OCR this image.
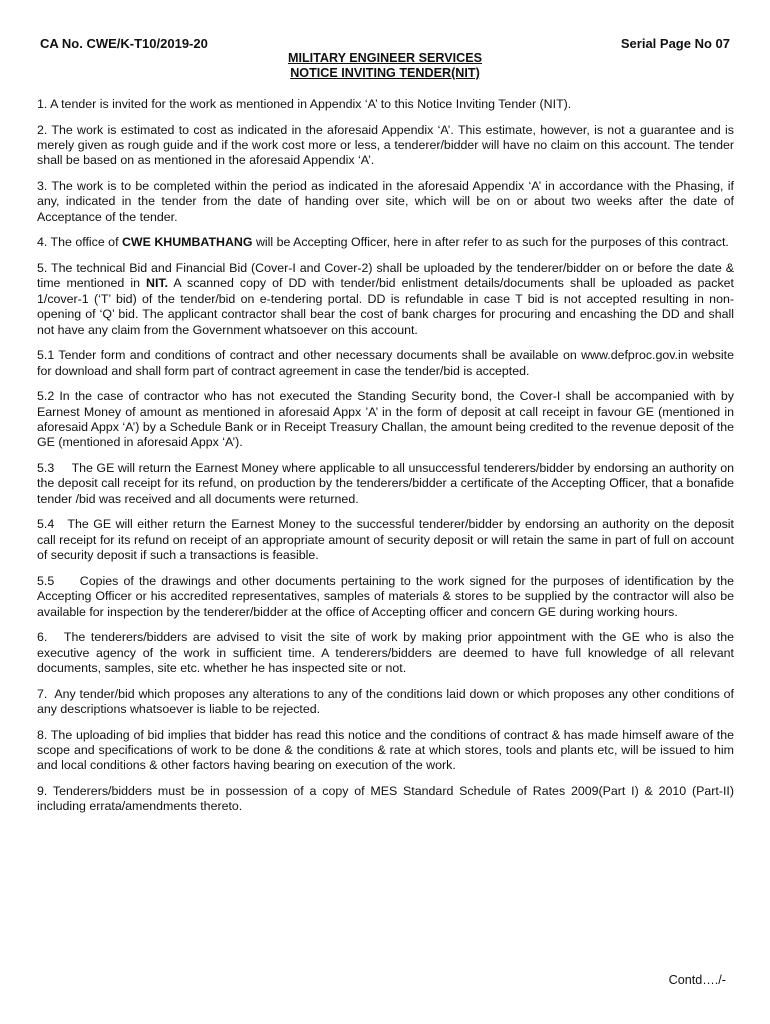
CA No. CWE/K-T10/2019-20	Serial Page No 07
MILITARY ENGINEER SERVICES
NOTICE INVITING TENDER(NIT)

1. A tender is invited for the work as mentioned in Appendix ‘A’ to this Notice Inviting Tender (NIT).

2. The work is estimated to cost as indicated in the aforesaid Appendix ‘A’. This estimate, however, is not a guarantee and is merely given as rough guide and if the work cost more or less, a tenderer/bidder will have no claim on this account. The tender shall be based on as mentioned in the aforesaid Appendix ‘A’.

3. The work is to be completed within the period as indicated in the aforesaid Appendix ‘A’ in accordance with the Phasing, if any, indicated in the tender from the date of handing over site, which will be on or about two weeks after the date of Acceptance of the tender.

4. The office of CWE KHUMBATHANG will be Accepting Officer, here in after refer to as such for the purposes of this contract.

5. The technical Bid and Financial Bid (Cover-I and Cover-2) shall be uploaded by the tenderer/bidder on or before the date & time mentioned in NIT. A scanned copy of DD with tender/bid enlistment details/documents shall be uploaded as packet 1/cover-1 (‘T’ bid) of the tender/bid on e-tendering portal. DD is refundable in case T bid is not accepted resulting in non-opening of ‘Q’ bid. The applicant contractor shall bear the cost of bank charges for procuring and encashing the DD and shall not have any claim from the Government whatsoever on this account.

5.1 Tender form and conditions of contract and other necessary documents shall be available on www.defproc.gov.in website for download and shall form part of contract agreement in case the tender/bid is accepted.

5.2 In the case of contractor who has not executed the Standing Security bond, the Cover-I shall be accompanied with by Earnest Money of amount as mentioned in aforesaid Appx ’A’ in the form of deposit at call receipt in favour GE (mentioned in aforesaid Appx ‘A’) by a Schedule Bank or in Receipt Treasury Challan, the amount being credited to the revenue deposit of the GE (mentioned in aforesaid Appx ‘A’).

5.3     The GE will return the Earnest Money where applicable to all unsuccessful tenderers/bidder by endorsing an authority on the deposit call receipt for its refund, on production by the tenderers/bidder a certificate of the Accepting Officer, that a bonafide tender /bid was received and all documents were returned.

5.4   The GE will either return the Earnest Money to the successful tenderer/bidder by endorsing an authority on the deposit call receipt for its refund on receipt of an appropriate amount of security deposit or will retain the same in part of full on account of security deposit if such a transactions is feasible.

5.5     Copies of the drawings and other documents pertaining to the work signed for the purposes of identification by the Accepting Officer or his accredited representatives, samples of materials & stores to be supplied by the contractor will also be available for inspection by the tenderer/bidder at the office of Accepting officer and concern GE during working hours.

6.   The tenderers/bidders are advised to visit the site of work by making prior appointment with the GE who is also the executive agency of the work in sufficient time. A tenderers/bidders are deemed to have full knowledge of all relevant documents, samples, site etc. whether he has inspected site or not.

7.  Any tender/bid which proposes any alterations to any of the conditions laid down or which proposes any other conditions of any descriptions whatsoever is liable to be rejected.

8. The uploading of bid implies that bidder has read this notice and the conditions of contract & has made himself aware of the scope and specifications of work to be done & the conditions & rate at which stores, tools and plants etc, will be issued to him and local conditions & other factors having bearing on execution of the work.

9. Tenderers/bidders must be in possession of a copy of MES Standard Schedule of Rates 2009(Part I) & 2010 (Part-II) including errata/amendments thereto.

Contd…./-
